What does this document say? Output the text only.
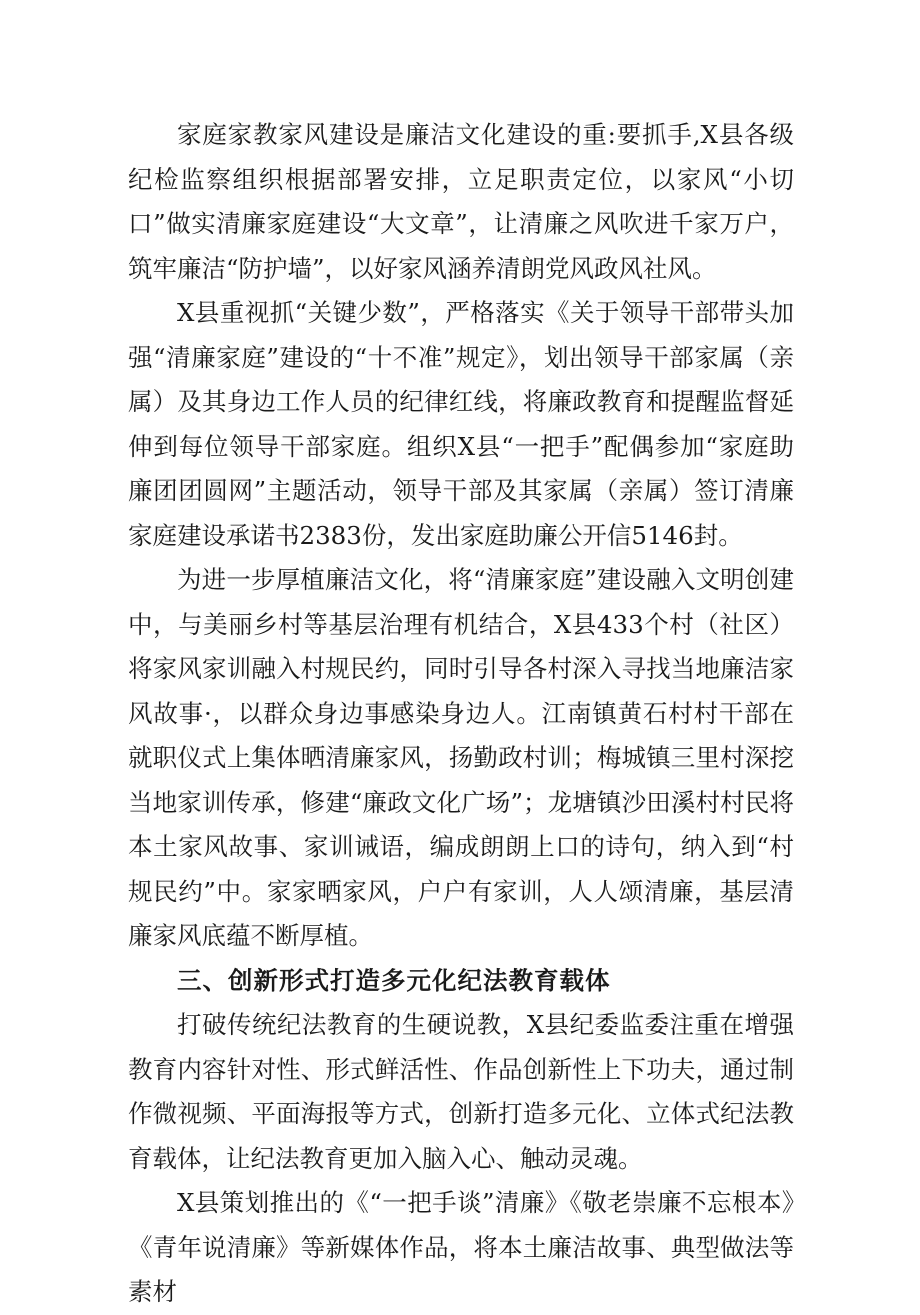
家庭家教家风建设是廉洁文化建设的重:要抓手,X县各级纪检监察组织根据部署安排，立足职责定位，以家风“小切口”做实清廉家庭建设“大文章”，让清廉之风吹进千家万户，筑牢廉洁“防护墙”，以好家风涵养清朗党风政风社风。

X县重视抓“关键少数”，严格落实《关于领导干部带头加强“清廉家庭”建设的“十不准”规定》，划出领导干部家属（亲属）及其身边工作人员的纪律红线，将廉政教育和提醒监督延伸到每位领导干部家庭。组织X县“一把手”配偶参加“家庭助廉团团圆网”主题活动，领导干部及其家属（亲属）签订清廉家庭建设承诺书2383份，发出家庭助廉公开信5146封。

为进一步厚植廉洁文化，将“清廉家庭”建设融入文明创建中，与美丽乡村等基层治理有机结合，X县433个村（社区）将家风家训融入村规民约，同时引导各村深入寻找当地廉洁家风故事·，以群众身边事感染身边人。江南镇黄石村村干部在就职仪式上集体晒清廉家风，扬勤政村训；梅城镇三里村深挖当地家训传承，修建“廉政文化广场”；龙塘镇沙田溪村村民将本土家风故事、家训诫语，编成朗朗上口的诗句，纳入到“村规民约”中。家家晒家风，户户有家训，人人颂清廉，基层清廉家风底蕴不断厚植。

三、创新形式打造多元化纪法教育载体

打破传统纪法教育的生硬说教，X县纪委监委注重在增强教育内容针对性、形式鲜活性、作品创新性上下功夫，通过制作微视频、平面海报等方式，创新打造多元化、立体式纪法教育载体，让纪法教育更加入脑入心、触动灵魂。

X县策划推出的《“一把手谈”清廉》《敬老崇廉不忘根本》《青年说清廉》等新媒体作品，将本土廉洁故事、典型做法等素材
